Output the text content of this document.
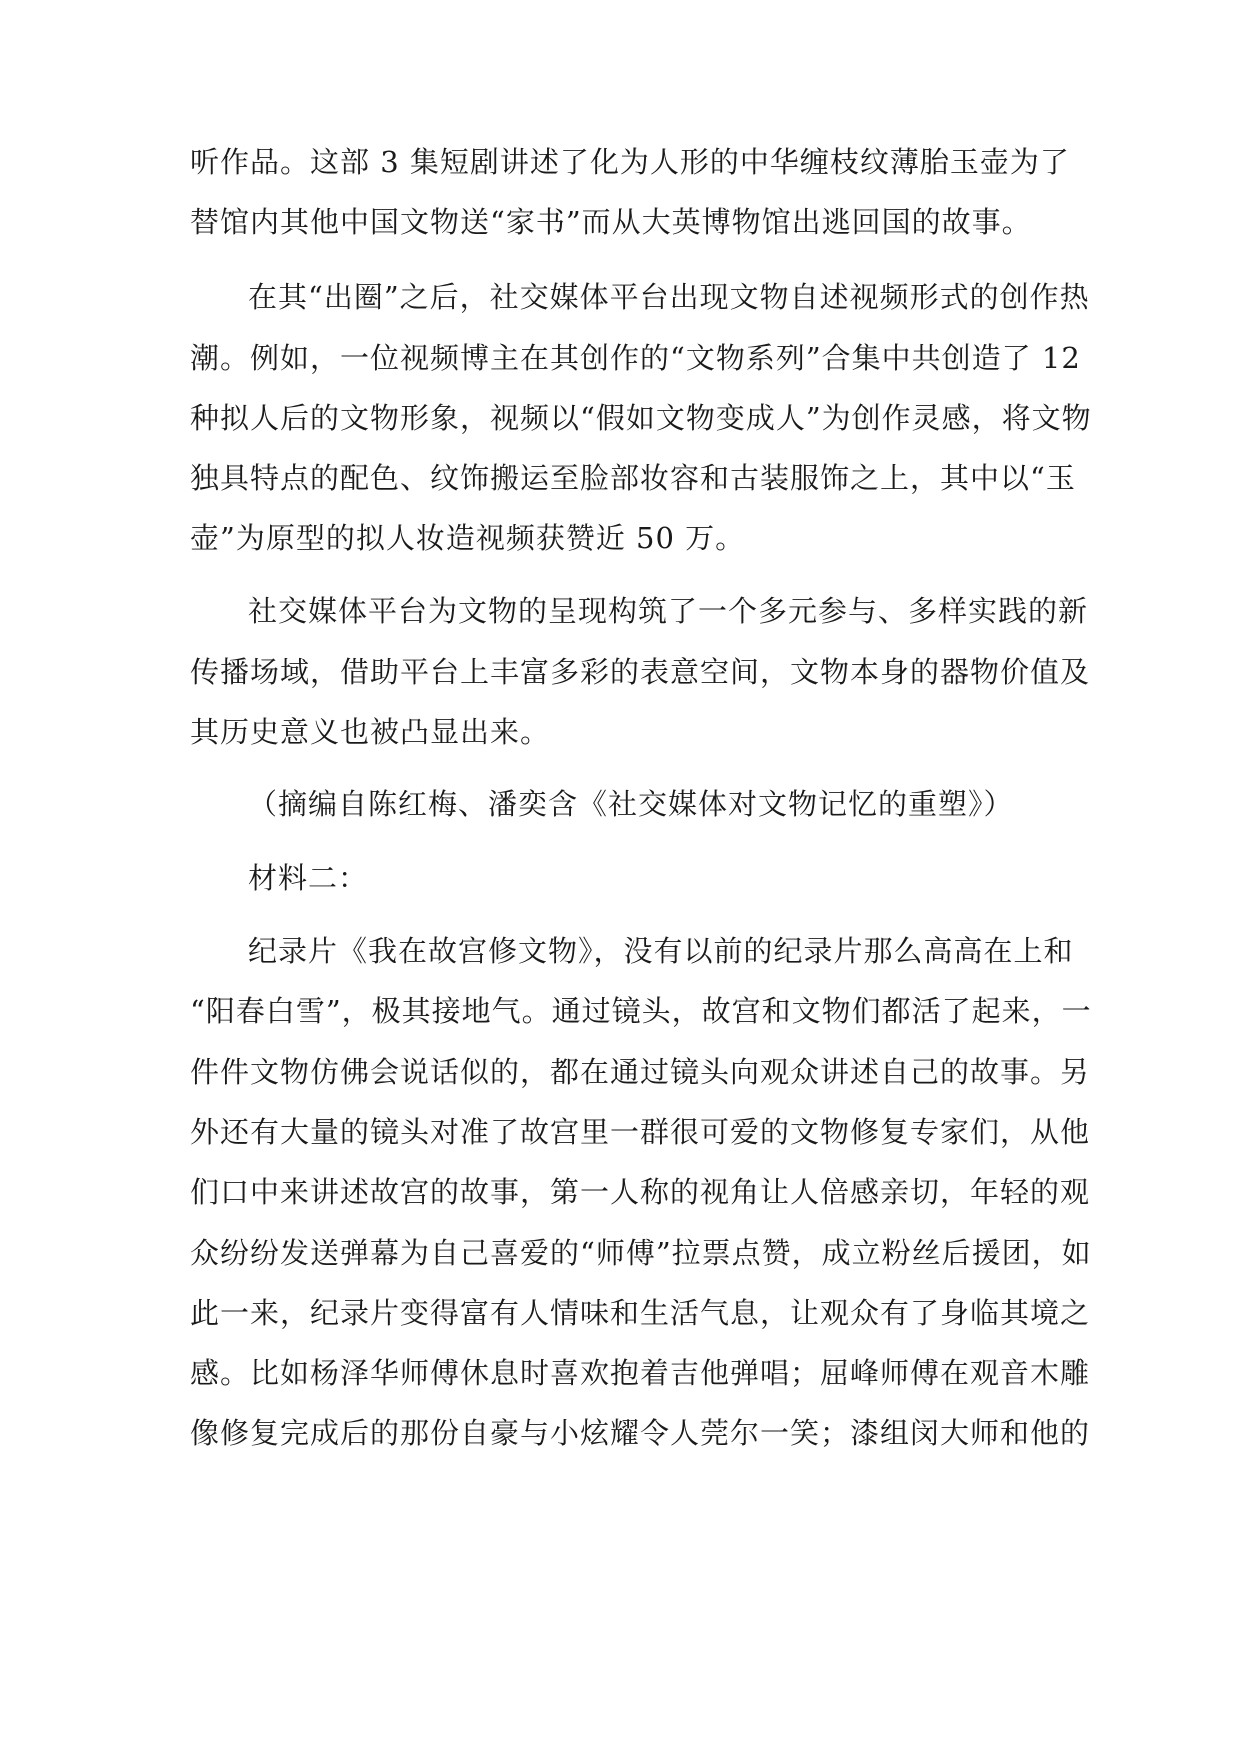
听作品。这部 3 集短剧讲述了化为人形的中华缠枝纹薄胎玉壶为了
替馆内其他中国文物送“家书”而从大英博物馆出逃回国的故事。
在其“出圈”之后，社交媒体平台出现文物自述视频形式的创作热
潮。例如，一位视频博主在其创作的“文物系列”合集中共创造了 12
种拟人后的文物形象，视频以“假如文物变成人”为创作灵感，将文物
独具特点的配色、纹饰搬运至脸部妆容和古装服饰之上，其中以“玉
壶”为原型的拟人妆造视频获赞近 50 万。
社交媒体平台为文物的呈现构筑了一个多元参与、多样实践的新
传播场域，借助平台上丰富多彩的表意空间，文物本身的器物价值及
其历史意义也被凸显出来。
（摘编自陈红梅、潘奕含《社交媒体对文物记忆的重塑》）
材料二：
纪录片《我在故宫修文物》，没有以前的纪录片那么高高在上和
“阳春白雪”，极其接地气。通过镜头，故宫和文物们都活了起来，一
件件文物仿佛会说话似的，都在通过镜头向观众讲述自己的故事。另
外还有大量的镜头对准了故宫里一群很可爱的文物修复专家们，从他
们口中来讲述故宫的故事，第一人称的视角让人倍感亲切，年轻的观
众纷纷发送弹幕为自己喜爱的“师傅”拉票点赞，成立粉丝后援团，如
此一来，纪录片变得富有人情味和生活气息，让观众有了身临其境之
感。比如杨泽华师傅休息时喜欢抱着吉他弹唱；屈峰师傅在观音木雕
像修复完成后的那份自豪与小炫耀令人莞尔一笑；漆组闵大师和他的
